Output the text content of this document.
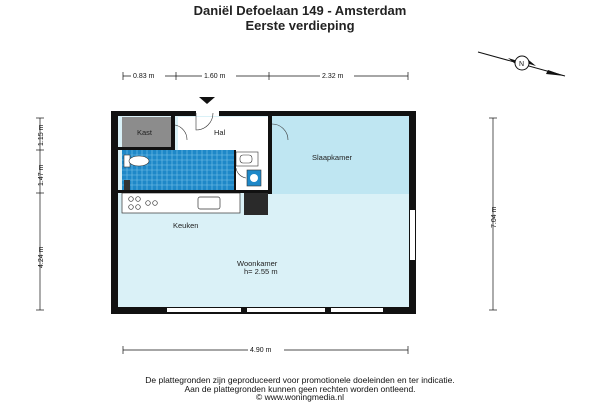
Daniël Defoelaan 149 - Amsterdam
Eerste verdieping
N
0.83 m	1.60 m	2.32 m
1.15 m
1.47 m
4.24 m
7.04 m
4.90 m
Kast	Hal
Slaapkamer
Keuken
Woonkamer
h= 2.55 m
De plattegronden zijn geproduceerd voor promotionele doeleinden en ter indicatie.
Aan de plattegronden kunnen geen rechten worden ontleend.
© www.woningmedia.nl
